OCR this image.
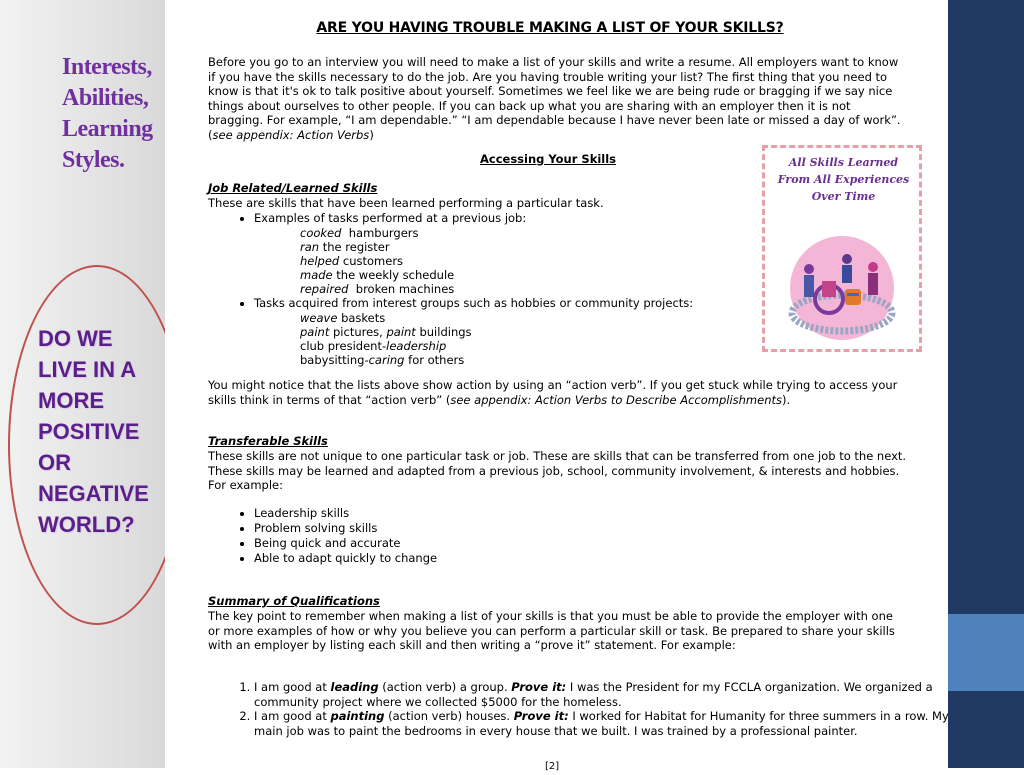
Interests,
Abilities,
Learning
Styles.
DO WE LIVE IN A MORE POSITIVE OR NEGATIVE WORLD?
ARE YOU HAVING TROUBLE MAKING A LIST OF YOUR SKILLS?
Before you go to an interview you will need to make a list of your skills and write a resume. All employers want to know if you have the skills necessary to do the job. Are you having trouble writing your list? The first thing that you need to know is that it's ok to talk positive about yourself. Sometimes we feel like we are being rude or bragging if we say nice things about ourselves to other people. If you can back up what you are sharing with an employer then it is not bragging. For example, “I am dependable.” “I am dependable because I have never been late or missed a day of work”. (see appendix: Action Verbs)
Accessing Your Skills
Job Related/Learned Skills
These are skills that have been learned performing a particular task.
• Examples of tasks performed at a previous job:
cooked  hamburgers
ran the register
helped customers
made the weekly schedule
repaired  broken machines
• Tasks acquired from interest groups such as hobbies or community projects:
weave baskets
paint pictures, paint buildings
club president-leadership
babysitting-caring for others
You might notice that the lists above show action by using an “action verb”. If you get stuck while trying to access your skills think in terms of that “action verb” (see appendix: Action Verbs to Describe Accomplishments).
Transferable Skills
These skills are not unique to one particular task or job. These are skills that can be transferred from one job to the next. These skills may be learned and adapted from a previous job, school, community involvement, & interests and hobbies. For example:
• Leadership skills
• Problem solving skills
• Being quick and accurate
• Able to adapt quickly to change
Summary of Qualifications
The key point to remember when making a list of your skills is that you must be able to provide the employer with one or more examples of how or why you believe you can perform a particular skill or task. Be prepared to share your skills with an employer by listing each skill and then writing a “prove it” statement. For example:
1. I am good at leading (action verb) a group. Prove it: I was the President for my FCCLA organization. We organized a community project where we collected $5000 for the homeless.
2. I am good at painting (action verb) houses. Prove it: I worked for Habitat for Humanity for three summers in a row. My main job was to paint the bedrooms in every house that we built. I was trained by a professional painter.
[2]
All Skills Learned From All Experiences Over Time
